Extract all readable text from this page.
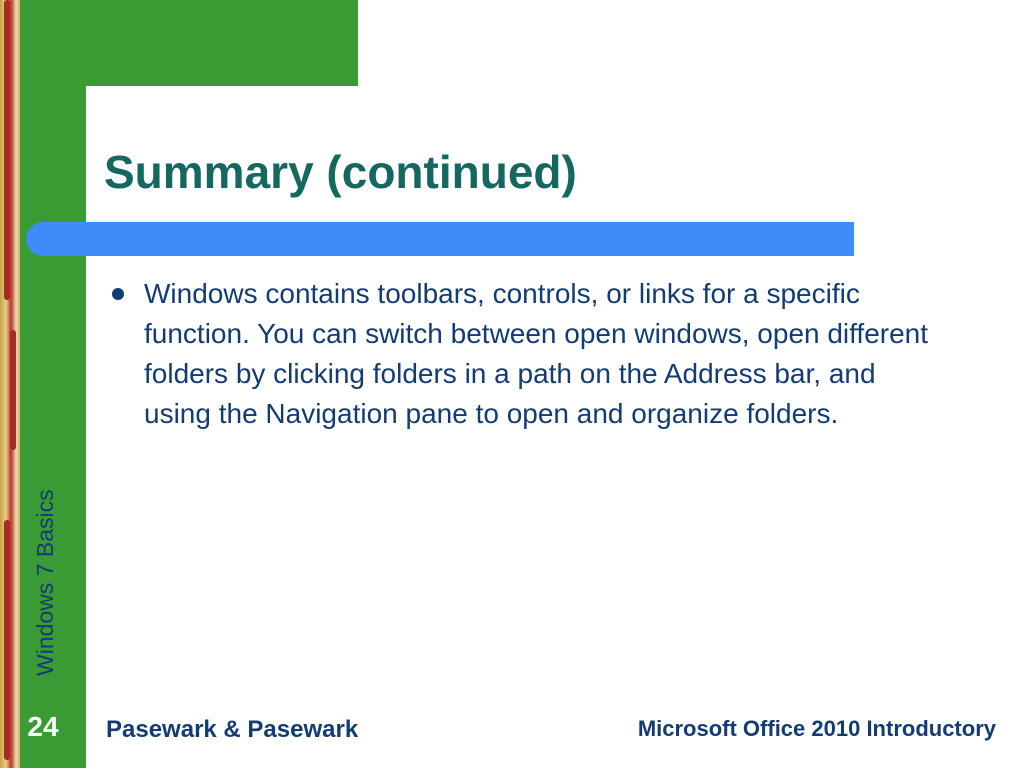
Summary (continued)
Windows contains toolbars, controls, or links for a specific function. You can switch between open windows, open different folders by clicking folders in a path on the Address bar, and using the Navigation pane to open and organize folders.
Windows 7 Basics
24	Pasewark & Pasewark	Microsoft Office 2010 Introductory
